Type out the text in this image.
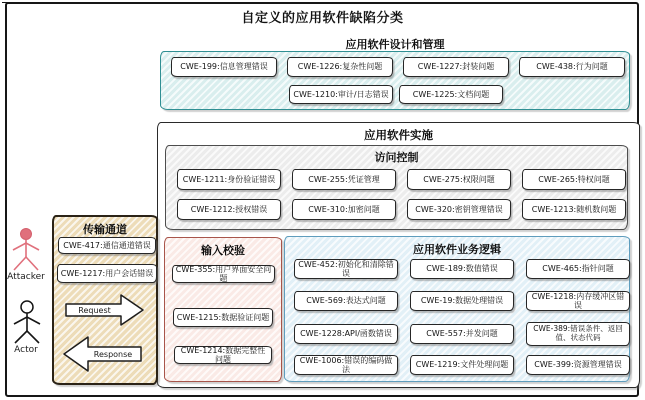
自定义的应用软件缺陷分类
应用软件设计和管理
CWE-199:信息管理错误	CWE-1226:复杂性问题	CWE-1227:封装问题	CWE-438:行为问题
CWE-1210:审计/日志错误	CWE-1225:文档问题
应用软件实施
访问控制
CWE-1211:身份验证错误	CWE-255:凭证管理	CWE-275:权限问题	CWE-265:特权问题
CWE-1212:授权错误	CWE-310:加密问题	CWE-320:密钥管理错误	CWE-1213:随机数问题
输入校验
CWE-355:用户界面安全问题
CWE-1215:数据验证问题
CWE-1214:数据完整性问题
应用软件业务逻辑
CWE-452:初始化和清除错误
CWE-189:数值错误	CWE-465:指针问题
CWE-569:表达式问题	CWE-19:数据处理错误
CWE-1218:内存缓冲区错误
CWE-1228:API/函数错误	CWE-557:并发问题
CWE-389:错误条件、返回值、状态代码
CWE-1006:错误的编码做法
CWE-1219:文件处理问题	CWE-399:资源管理错误
传输通道
CWE-417:通信通道错误
CWE-1217:用户会话错误
Request
Response
Attacker
Actor
